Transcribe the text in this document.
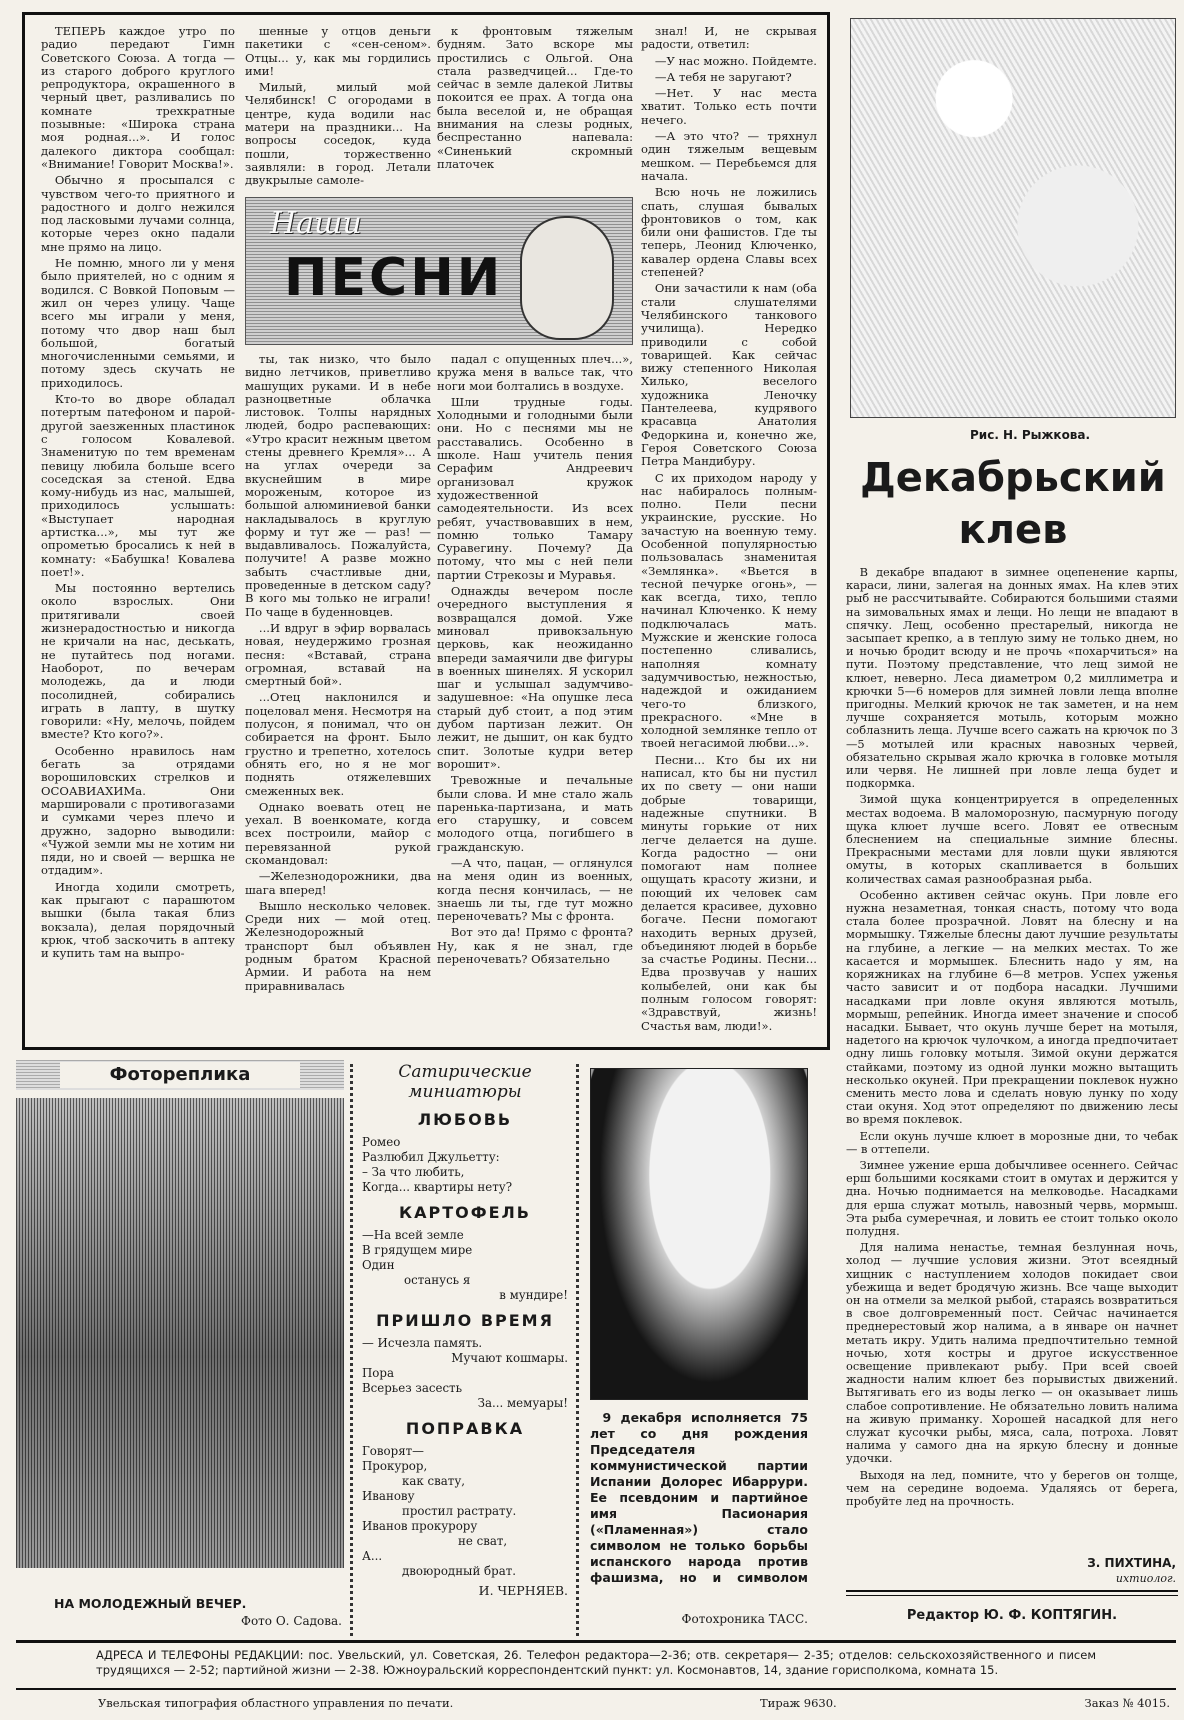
ТЕПЕРЬ каждое утро по радио передают Гимн Советского Союза. А тогда — из старого доброго круглого репродуктора, окрашенного в черный цвет, разливались по комнате трехкратные позывные: «Широка страна моя родная...». И голос далекого диктора сообщал: «Внимание! Говорит Москва!».

Обычно я просыпался с чувством чего-то приятного и радостного и долго нежился под ласковыми лучами солнца, которые через окно падали мне прямо на лицо.

Не помню, много ли у меня было приятелей, но с одним я водился. С Вовкой Поповым — жил он через улицу. Чаще всего мы играли у меня, потому что двор наш был большой, богатый многочисленными семьями, и потому здесь скучать не приходилось.

Кто-то во дворе обладал потертым патефоном и парой-другой заезженных пластинок с голосом Ковалевой. Знаменитую по тем временам певицу любила больше всего соседская за стеной. Едва кому-нибудь из нас, малышей, приходилось услышать: «Выступает народная артистка...», мы тут же опрометью бросались к ней в комнату: «Бабушка! Ковалева поет!».

Мы постоянно вертелись около взрослых. Они притягивали своей жизнерадостностью и никогда не кричали на нас, деськать, не путайтесь под ногами. Наоборот, по вечерам молодежь, да и люди посолидней, собирались играть в лапту, в шутку говорили: «Ну, мелочь, пойдем вместе? Кто кого?».

Особенно нравилось нам бегать за отрядами ворошиловских стрелков и ОСОАВИАХИМа. Они маршировали с противогазами и сумками через плечо и дружно, задорно выводили: «Чужой земли мы не хотим ни пяди, но и своей — вершка не отдадим».

Иногда ходили смотреть, как прыгают с парашютом вышки (была такая близ вокзала), делая порядочный крюк, чтоб заскочить в аптеку и купить там на выпро-

шенные у отцов деньги пакетики с «сен-сеном». Отцы... у, как мы гордились ими!

Милый, милый мой Челябинск! С огородами в центре, куда водили нас матери на праздники... На вопросы соседок, куда пошли, торжественно заявляли: в город. Летали двукрылые самоле-

к фронтовым тяжелым будням. Зато вскоре мы простились с Ольгой. Она стала разведчицей... Где-то сейчас в земле далекой Литвы покоится ее прах. А тогда она была веселой и, не обращая внимания на слезы родных, беспрестанно напевала: «Синенький скромный платочек

Наши
ПЕСНИ

ты, так низко, что было видно летчиков, приветливо машущих руками. И в небе разноцветные облачка листовок. Толпы нарядных людей, бодро распевающих: «Утро красит нежным цветом стены древнего Кремля»... А на углах очереди за вкуснейшим в мире мороженым, которое из большой алюминиевой банки накладывалось в круглую форму и тут же — раз! — выдавливалось. Пожалуйста, получите! А разве можно забыть счастливые дни, проведенные в детском саду? В кого мы только не играли! По чаще в буденновцев.

...И вдруг в эфир ворвалась новая, неудержимо грозная песня: «Вставай, страна огромная, вставай на смертный бой».

...Отец наклонился и поцеловал меня. Несмотря на полусон, я понимал, что он собирается на фронт. Было грустно и трепетно, хотелось обнять его, но я не мог поднять отяжелевших смеженных век.

Однако воевать отец не уехал. В военкомате, когда всех построили, майор с перевязанной рукой скомандовал:

—Железнодорожники, два шага вперед!

Вышло несколько человек. Среди них — мой отец. Железнодорожный транспорт был объявлен родным братом Красной Армии. И работа на нем приравнивалась

падал с опущенных плеч...», кружа меня в вальсе так, что ноги мои болтались в воздухе.

Шли трудные годы. Холодными и голодными были они. Но с песнями мы не расставались. Особенно в школе. Наш учитель пения Серафим Андреевич организовал кружок художественной самодеятельности. Из всех ребят, участвовавших в нем, помню только Тамару Суравегину. Почему? Да потому, что мы с ней пели партии Стрекозы и Муравья.

Однажды вечером после очередного выступления я возвращался домой. Уже миновал привокзальную церковь, как неожиданно впереди замаячили две фигуры в военных шинелях. Я ускорил шаг и услышал задумчиво-задушевное: «На опушке леса старый дуб стоит, а под этим дубом партизан лежит. Он лежит, не дышит, он как будто спит. Золотые кудри ветер ворошит».

Тревожные и печальные были слова. И мне стало жаль паренька-партизана, и мать его старушку, и совсем молодого отца, погибшего в гражданскую.

—А что, пацан, — оглянулся на меня один из военных, когда песня кончилась, — не знаешь ли ты, где тут можно переночевать? Мы с фронта.

Вот это да! Прямо с фронта? Ну, как я не знал, где переночевать? Обязательно

знал! И, не скрывая радости, ответил:

—У нас можно. Пойдемте.

—А тебя не заругают?

—Нет. У нас места хватит. Только есть почти нечего.

—А это что? — тряхнул один тяжелым вещевым мешком. — Перебьемся для начала.

Всю ночь не ложились спать, слушая бывалых фронтовиков о том, как били они фашистов. Где ты теперь, Леонид Ключенко, кавалер ордена Славы всех степеней?

Они зачастили к нам (оба стали слушателями Челябинского танкового училища). Нередко приводили с собой товарищей. Как сейчас вижу степенного Николая Хилько, веселого художника Леночку Пантелеева, кудрявого красавца Анатолия Федоркина и, конечно же, Героя Советского Союза Петра Мандибуру.

С их приходом народу у нас набиралось полным-полно. Пели песни украинские, русские. Но зачастую на военную тему. Особенной популярностью пользовалась знаменитая «Землянка». «Вьется в тесной печурке огонь», — как всегда, тихо, тепло начинал Ключенко. К нему подключалась мать. Мужские и женские голоса постепенно сливались, наполняя комнату задумчивостью, нежностью, надеждой и ожиданием чего-то близкого, прекрасного. «Мне в холодной землянке тепло от твоей негасимой любви...».

Песни... Кто бы их ни написал, кто бы ни пустил их по свету — они наши добрые товарищи, надежные спутники. В минуты горькие от них легче делается на душе. Когда радостно — они помогают нам полнее ощущать красоту жизни, и поющий их человек сам делается красивее, духовно богаче. Песни помогают находить верных друзей, объединяют людей в борьбе за счастье Родины. Песни... Едва прозвучав у наших колыбелей, они как бы полным голосом говорят: «Здравствуй, жизнь! Счастья вам, люди!».

Рис. Н. Рыжкова.
Декабрьский
клев

В декабре впадают в зимнее оцепенение карпы, караси, лини, залегая на донных ямах. На клев этих рыб не рассчитывайте. Собираются большими стаями на зимовальных ямах и лещи. Но лещи не впадают в спячку. Лещ, особенно престарелый, никогда не засыпает крепко, а в теплую зиму не только днем, но и ночью бродит всюду и не прочь «похарчиться» на пути. Поэтому представление, что лещ зимой не клюет, неверно. Леса диаметром 0,2 миллиметра и крючки 5—6 номеров для зимней ловли леща вполне пригодны. Мелкий крючок не так заметен, и на нем лучше сохраняется мотыль, которым можно соблазнить леща. Лучше всего сажать на крючок по 3—5 мотылей или красных навозных червей, обязательно скрывая жало крючка в головке мотыля или червя. Не лишней при ловле леща будет и подкормка.

Зимой щука концентрируется в определенных местах водоема. В маломорозную, пасмурную погоду щука клюет лучше всего. Ловят ее отвесным блеснением на специальные зимние блесны. Прекрасными местами для ловли щуки являются омуты, в которых скапливается в больших количествах самая разнообразная рыба.

Особенно активен сейчас окунь. При ловле его нужна незаметная, тонкая снасть, потому что вода стала более прозрачной. Ловят на блесну и на мормышку. Тяжелые блесны дают лучшие результаты на глубине, а легкие — на мелких местах. То же касается и мормышек. Блеснить надо у ям, на коряжниках на глубине 6—8 метров. Успех уженья часто зависит и от подбора насадки. Лучшими насадками при ловле окуня являются мотыль, мормыш, репейник. Иногда имеет значение и способ насадки. Бывает, что окунь лучше берет на мотыля, надетого на крючок чулочком, а иногда предпочитает одну лишь головку мотыля. Зимой окуни держатся стайками, поэтому из одной лунки можно вытащить несколько окуней. При прекращении поклевок нужно сменить место лова и сделать новую лунку по ходу стаи окуня. Ход этот определяют по движению лесы во время поклевок.

Если окунь лучше клюет в морозные дни, то чебак — в оттепели.

Зимнее ужение ерша добычливее осеннего. Сейчас ерш большими косяками стоит в омутах и держится у дна. Ночью поднимается на мелководье. Насадками для ерша служат мотыль, навозный червь, мормыш. Эта рыба сумеречная, и ловить ее стоит только около полудня.

Для налима ненастье, темная безлунная ночь, холод — лучшие условия жизни. Этот всеядный хищник с наступлением холодов покидает свои убежища и ведет бродячую жизнь. Все чаще выходит он на отмели за мелкой рыбой, стараясь возвратиться в свое долговременный пост. Сейчас начинается преднерестовый жор налима, а в январе он начнет метать икру. Удить налима предпочтительно темной ночью, хотя костры и другое искусственное освещение привлекают рыбу. При всей своей жадности налим клюет без порывистых движений. Вытягивать его из воды легко — он оказывает лишь слабое сопротивление. Не обязательно ловить налима на живую приманку. Хорошей насадкой для него служат кусочки рыбы, мяса, сала, потроха. Ловят налима у самого дна на яркую блесну и донные удочки.

Выходя на лед, помните, что у берегов он толще, чем на середине водоема. Удаляясь от берега, пробуйте лед на прочность.

З. ПИХТИНА,
ихтиолог.
Редактор Ю. Ф. КОПТЯГИН.
Фотореплика
НА МОЛОДЕЖНЫЙ ВЕЧЕР.
Фото О. Садова.
Сатирические
миниатюры
ЛЮБОВЬ
Ромео
Разлюбил Джульетту:
– За что любить,
Когда... квартиры нету?
КАРТОФЕЛЬ
—На всей земле
В грядущем мире
Один
останусь я
в мундире!
ПРИШЛО ВРЕМЯ
— Исчезла память.
Мучают кошмары.
Пора
Всерьез засесть
За... мемуары!
ПОПРАВКА
Говорят—
Прокурор,
как свату,
Иванову
простил растрату.
Иванов прокурору
не сват,
А...
двоюродный брат.
И. ЧЕРНЯЕВ.
9 декабря исполняется 75 лет со дня рождения Председателя коммунистической партии Испании Долорес Ибаррури. Ее псевдоним и партийное имя Пасионария («Пламенная») стало символом не только борьбы испанского народа против фашизма, но и символом
Фотохроника ТАСС.
АДРЕСА И ТЕЛЕФОНЫ РЕДАКЦИИ: пос. Увельский, ул. Советская, 26. Телефон редактора—2-36; отв. секретаря— 2-35; отделов: сельскохозяйственного и писем трудящихся — 2-52; партийной жизни — 2-38. Южноуральский корреспондентский пункт: ул. Космонавтов, 14, здание горисполкома, комната 15.
Увельская типография областного управления по печати.	Тираж 9630.	Заказ № 4015.
